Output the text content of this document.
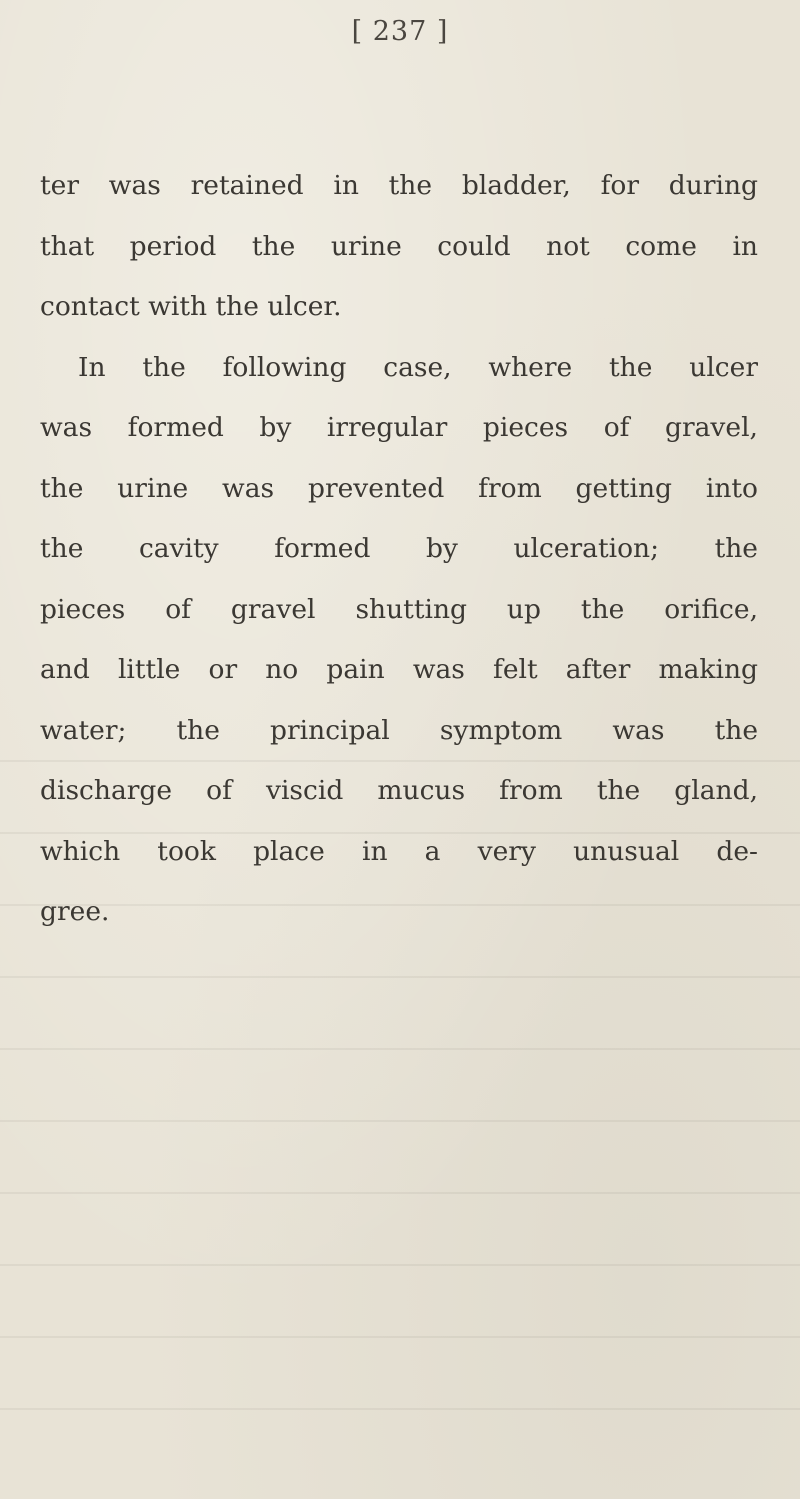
[ 237 ]
ter was retained in the bladder, for during
that period the urine could not come in
contact with the ulcer.
In the following case, where the ulcer
was formed by irregular pieces of gravel,
the urine was prevented from getting into
the cavity formed by ulceration; the
pieces of gravel shutting up the orifice,
and little or no pain was felt after making
water; the principal symptom was the
discharge of viscid mucus from the gland,
which took place in a very unusual de-
gree.
